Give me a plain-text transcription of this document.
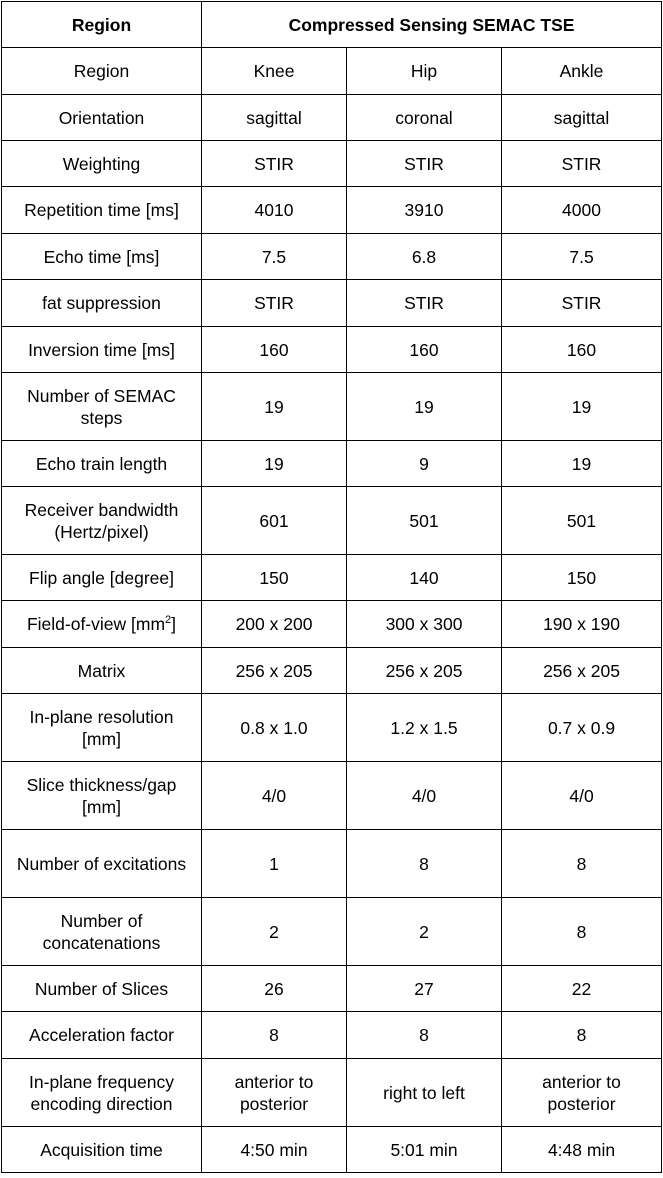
Region	Compressed Sensing SEMAC TSE		
Region	Knee	Hip	Ankle
Orientation	sagittal	coronal	sagittal
Weighting	STIR	STIR	STIR
Repetition time [ms]	4010	3910	4000
Echo time [ms]	7.5	6.8	7.5
fat suppression	STIR	STIR	STIR
Inversion time [ms]	160	160	160
Number of SEMAC steps	19	19	19
Echo train length	19	9	19
Receiver bandwidth (Hertz/pixel)	601	501	501
Flip angle [degree]	150	140	150
Field-of-view $[mm^2]$	200 x 200	300 x 300	190 x 190
Matrix	256 x 205	256 x 205	256 x 205
In-plane resolution [mm]	0.8 x 1.0	1.2 x 1.5	0.7 x 0.9
Slice thickness/gap [mm]	4/0	4/0	4/0
Number of excitations	1	8	8
Number of concatenations	2	2	8
Number of Slices	26	27	22
Acceleration factor	8	8	8
In-plane frequency encoding direction	anterior to posterior	right to left	anterior to posterior
Acquisition time	4:50 min	5:01 min	4:48 min
